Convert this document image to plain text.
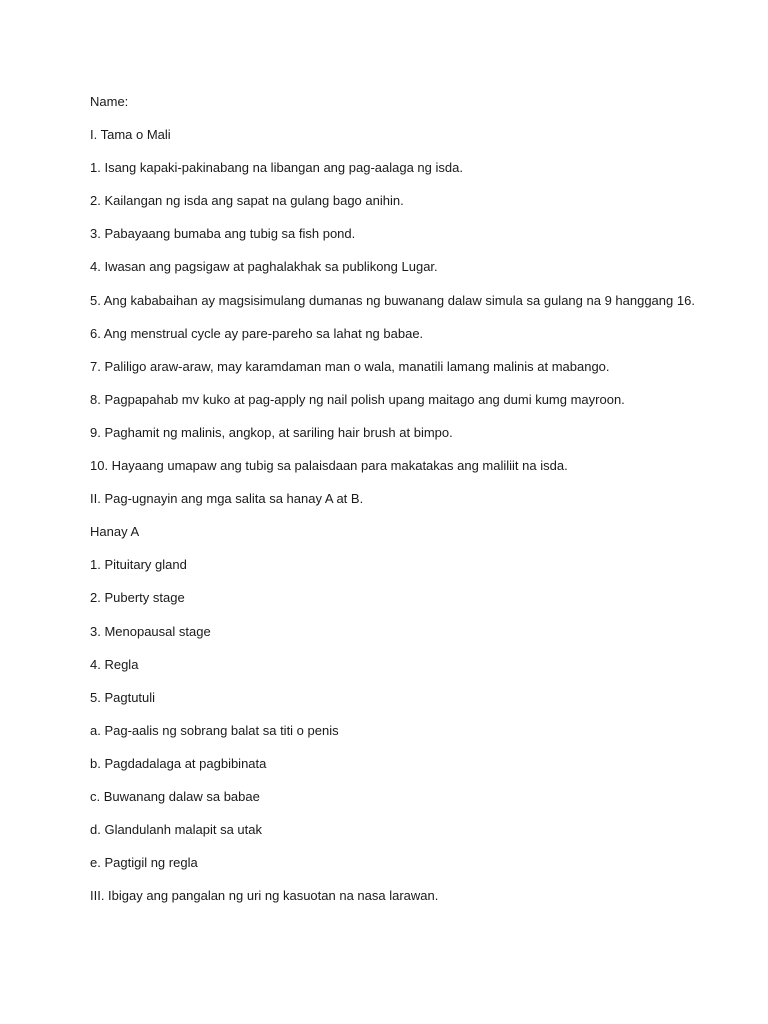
Name:

I. Tama o Mali

1. Isang kapaki-pakinabang na libangan ang pag-aalaga ng isda.

2. Kailangan ng isda ang sapat na gulang bago anihin.

3. Pabayaang bumaba ang tubig sa fish pond.

4. Iwasan ang pagsigaw at paghalakhak sa publikong Lugar.

5. Ang kababaihan ay magsisimulang dumanas ng buwanang dalaw simula sa gulang na 9 hanggang 16.

6. Ang menstrual cycle ay pare-pareho sa lahat ng babae.

7. Paliligo araw-araw, may karamdaman man o wala, manatili lamang malinis at mabango.

8. Pagpapahab mv kuko at pag-apply ng nail polish upang maitago ang dumi kumg mayroon.

9. Paghamit ng malinis, angkop, at sariling hair brush at bimpo.

10. Hayaang umapaw ang tubig sa palaisdaan para makatakas ang maliliit na isda.

II. Pag-ugnayin ang mga salita sa hanay A at B.

Hanay A

1. Pituitary gland

2. Puberty stage

3. Menopausal stage

4. Regla

5. Pagtutuli

a. Pag-aalis ng sobrang balat sa titi o penis

b. Pagdadalaga at pagbibinata

c. Buwanang dalaw sa babae

d. Glandulanh malapit sa utak

e. Pagtigil ng regla

III. Ibigay ang pangalan ng uri ng kasuotan na nasa larawan.
